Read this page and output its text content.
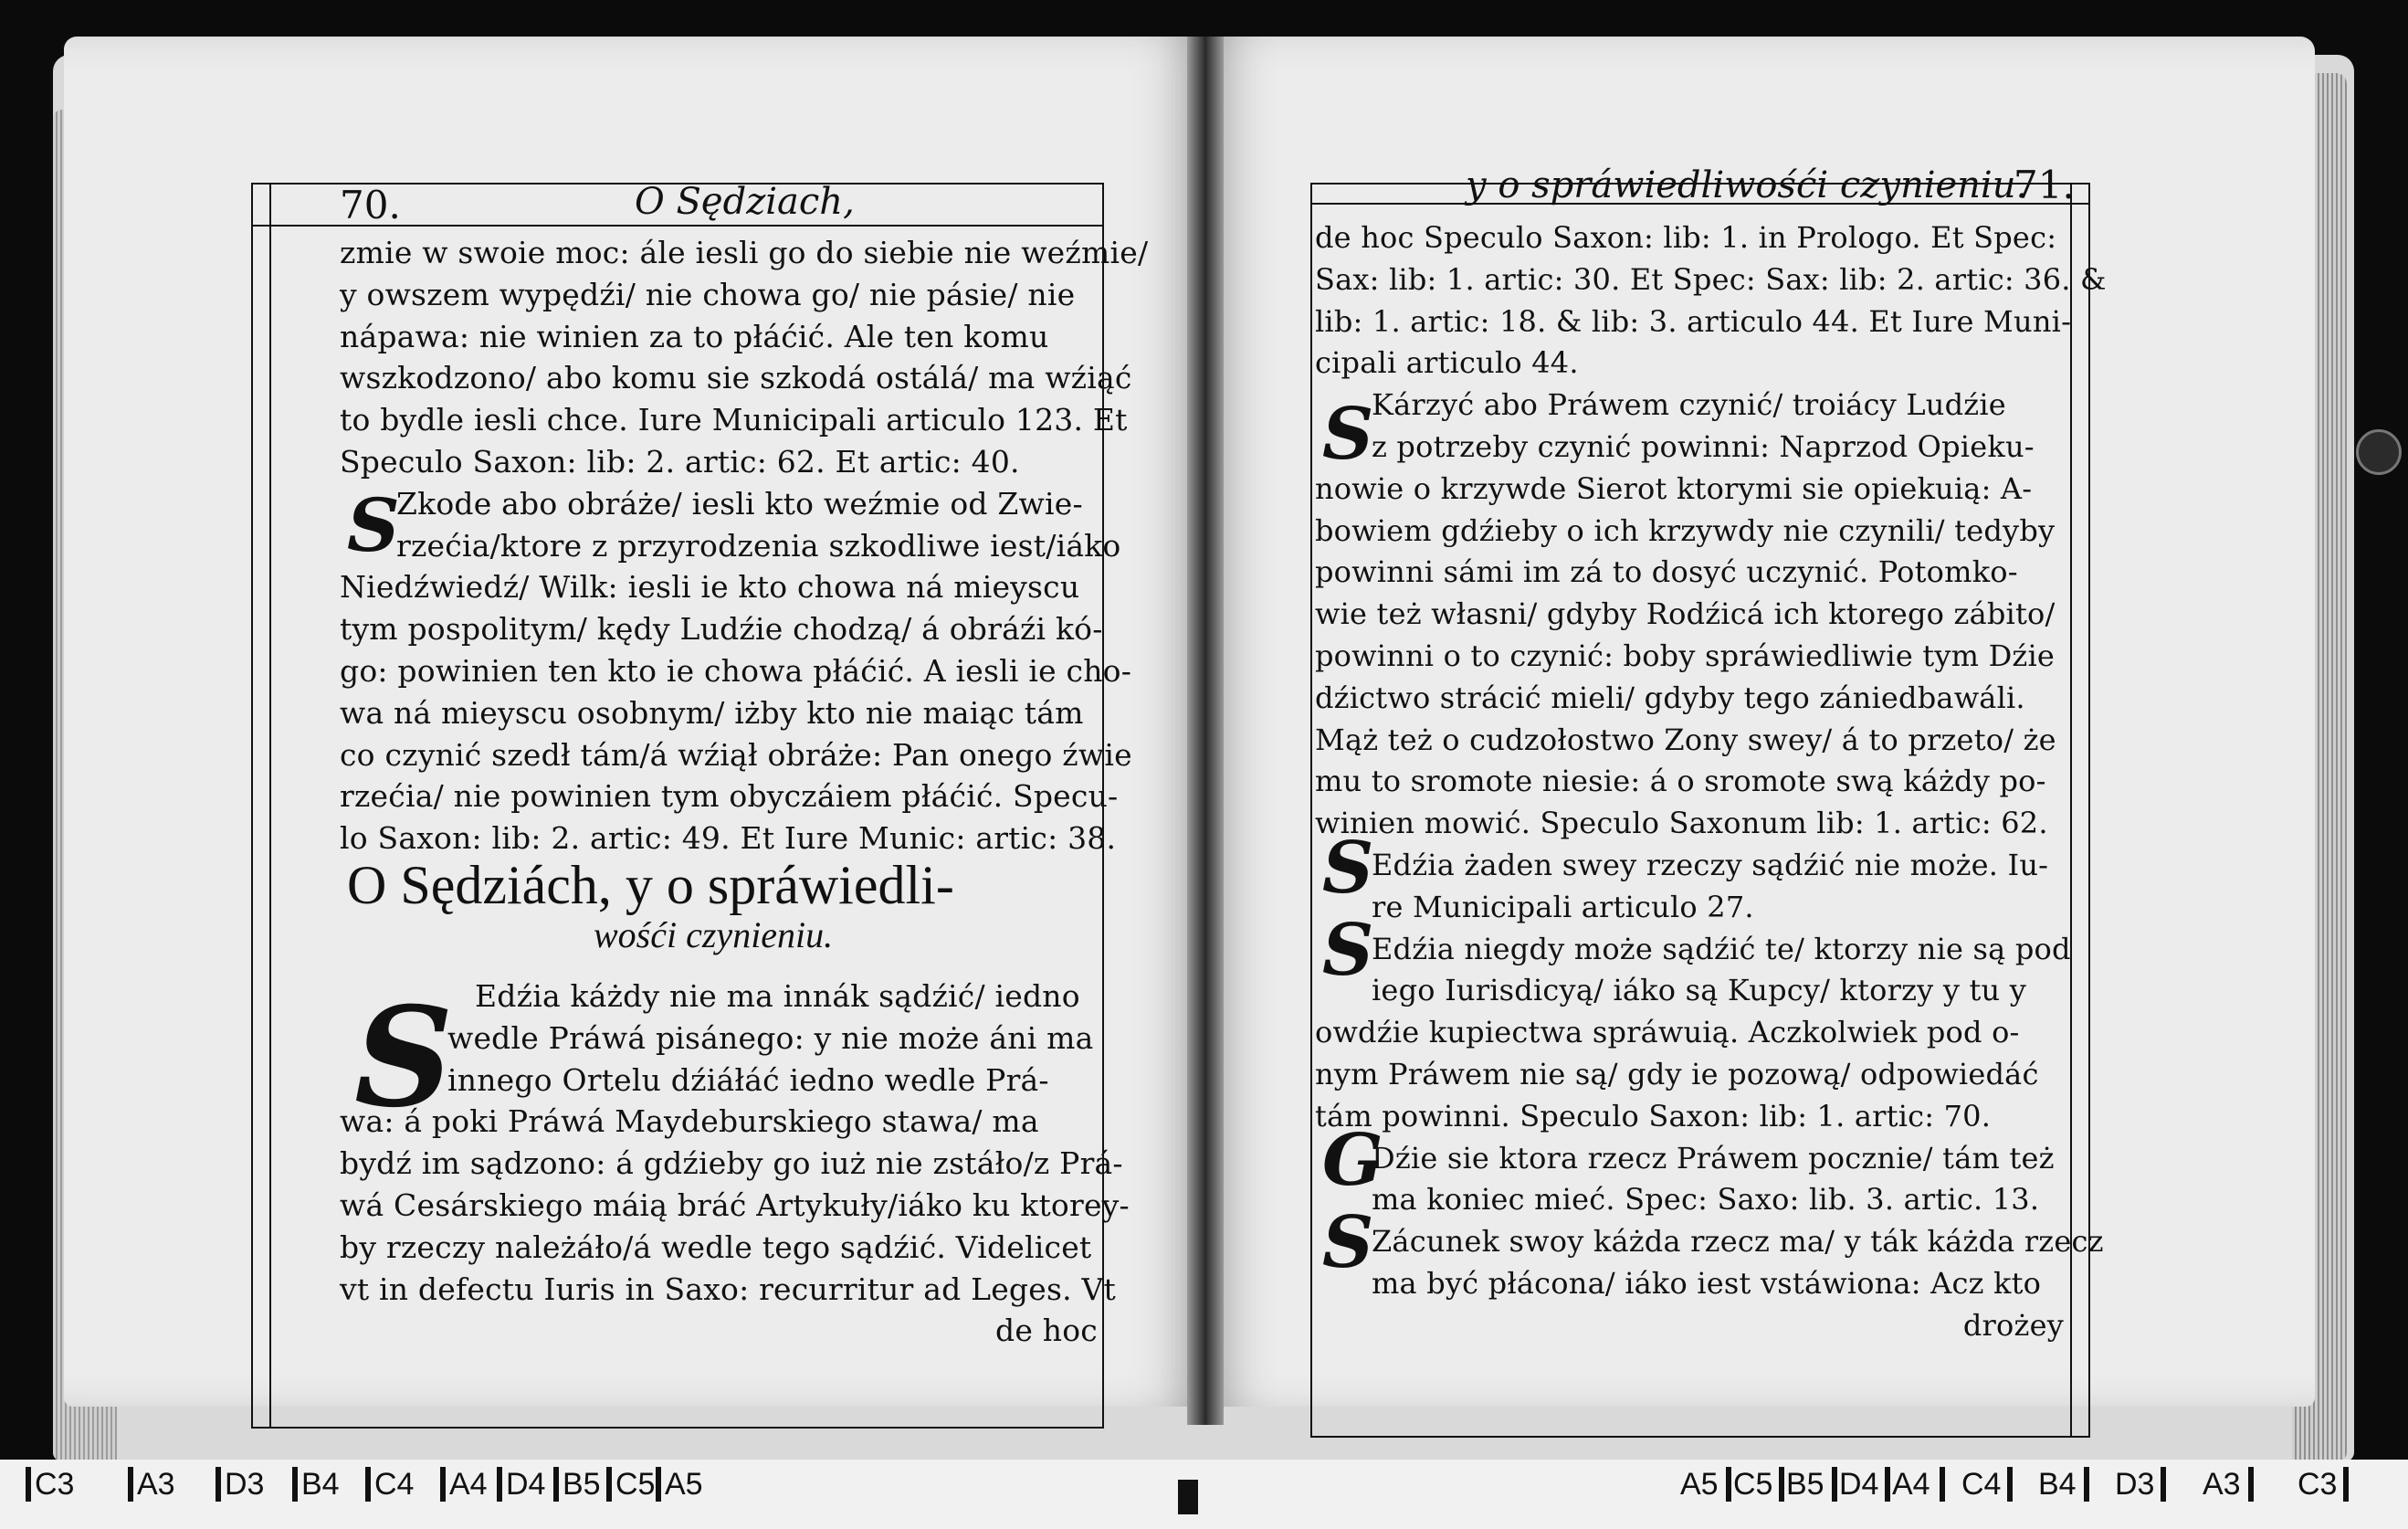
70.	O Sędziach,
zmie w swoie moc: ále iesli go do siebie nie weźmie/
y owszem wypędźi/ nie chowa go/ nie pásie/ nie
nápawa: nie winien za to płáćić. Ale ten komu
wszkodzono/ abo komu sie szkodá ostálá/ ma wźiąć
to bydle iesli chce. Iure Municipali articulo 123. Et
Speculo Saxon: lib: 2. artic: 62. Et artic: 40.
Zkode abo obráże/ iesli kto weźmie od Zwie-
rzećia/ktore z przyrodzenia szkodliwe iest/iáko
Niedźwiedź/ Wilk: iesli ie kto chowa ná mieyscu
tym pospolitym/ kędy Ludźie chodzą/ á obráźi kó-
go: powinien ten kto ie chowa płáćić. A iesli ie cho-
wa ná mieyscu osobnym/ iżby kto nie maiąc tám
co czynić szedł tám/á wźiął obráże: Pan onego źwie
rzećia/ nie powinien tym obyczáiem płáćić. Specu-
lo Saxon: lib: 2. artic: 49. Et Iure Munic: artic: 38.
S
O Sędziách, y o spráwiedli-
wośći czynieniu.
S Edźia káżdy nie ma innák sądźić/ iedno
wedle Práwá pisánego: y nie może áni ma
innego Ortelu dźiáłáć iedno wedle Prá-
wa: á poki Práwá Maydeburskiego stawa/ ma
bydź im sądzono: á gdźieby go iuż nie zstáło/z Prá-
wá Cesárskiego máią bráć Artykuły/iáko ku ktorey-
by rzeczy należáło/á wedle tego sądźić. Videlicet
vt in defectu Iuris in Saxo: recurritur ad Leges. Vt
de hoc
y o spráwiedliwośći czynieniu.
71.
de hoc Speculo Saxon: lib: 1. in Prologo. Et Spec:
Sax: lib: 1. artic: 30. Et Spec: Sax: lib: 2. artic: 36. &
lib: 1. artic: 18. & lib: 3. articulo 44. Et Iure Muni-
cipali articulo 44.
Kárzyć abo Práwem czynić/ troiácy Ludźie
z potrzeby czynić powinni: Naprzod Opieku-
nowie o krzywde Sierot ktorymi sie opiekuią: A-
bowiem gdźieby o ich krzywdy nie czynili/ tedyby
powinni sámi im zá to dosyć uczynić. Potomko-
wie też własni/ gdyby Rodźicá ich ktorego zábito/
powinni o to czynić: boby spráwiedliwie tym Dźie
dźictwo strácić mieli/ gdyby tego zániedbawáli.
Mąż też o cudzołostwo Zony swey/ á to przeto/ że
mu to sromote niesie: á o sromote swą káżdy po-
winien mowić. Speculo Saxonum lib: 1. artic: 62.
Edźia żaden swey rzeczy sądźić nie może. Iu-
re Municipali articulo 27.
Edźia niegdy może sądźić te/ ktorzy nie są pod
iego Iurisdicyą/ iáko są Kupcy/ ktorzy y tu y
owdźie kupiectwa spráwuią. Aczkolwiek pod o-
nym Práwem nie są/ gdy ie pozową/ odpowiedáć
tám powinni. Speculo Saxon: lib: 1. artic: 70.
Dźie sie ktora rzecz Práwem pocznie/ tám też
ma koniec mieć. Spec: Saxo: lib. 3. artic. 13.
Zácunek swoy káżda rzecz ma/ y ták káżda rzecz
ma być płácona/ iáko iest vstáwiona: Acz kto
drożey
S
S
S
G
S
C3 A3 D3 B4 C4 A4 D4 B5 C5 A5	A5 C5 B5 D4 A4 C4 B4 D3 A3 C3
